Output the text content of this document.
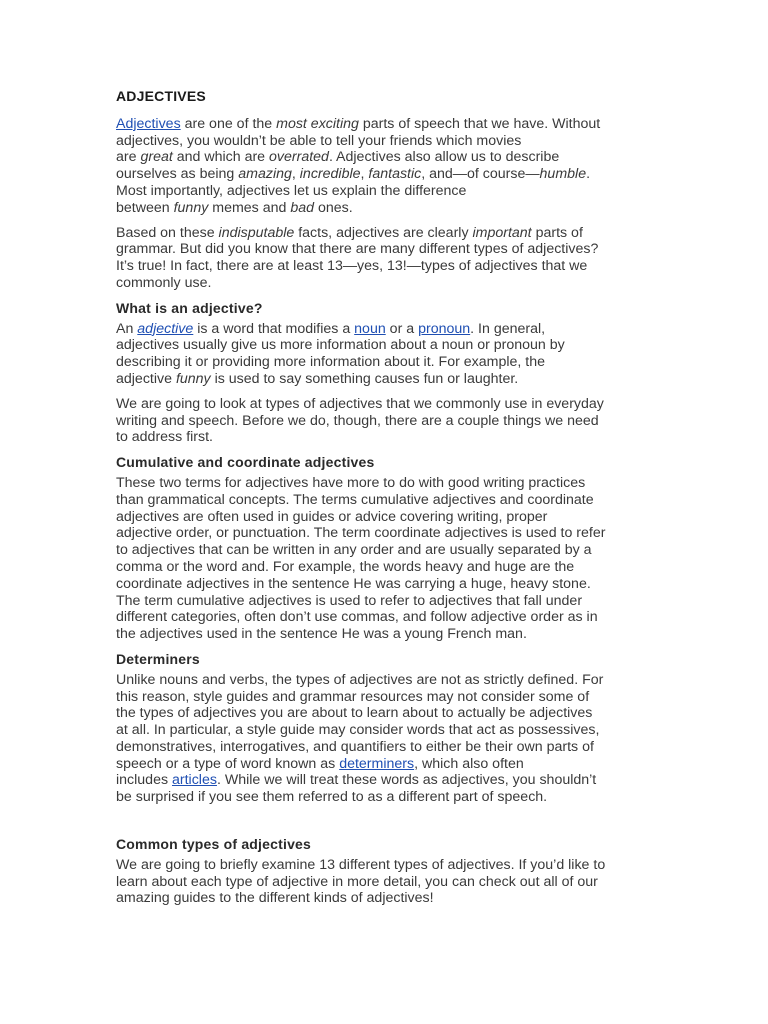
ADJECTIVES
Adjectives are one of the most exciting parts of speech that we have. Without
adjectives, you wouldn’t be able to tell your friends which movies
are great and which are overrated. Adjectives also allow us to describe
ourselves as being amazing, incredible, fantastic, and—of course—humble.
Most importantly, adjectives let us explain the difference
between funny memes and bad ones.
Based on these indisputable facts, adjectives are clearly important parts of
grammar. But did you know that there are many different types of adjectives?
It’s true! In fact, there are at least 13—yes, 13!—types of adjectives that we
commonly use.
What is an adjective?
An adjective is a word that modifies a noun or a pronoun. In general,
adjectives usually give us more information about a noun or pronoun by
describing it or providing more information about it. For example, the
adjective funny is used to say something causes fun or laughter.
We are going to look at types of adjectives that we commonly use in everyday
writing and speech. Before we do, though, there are a couple things we need
to address first.
Cumulative and coordinate adjectives
These two terms for adjectives have more to do with good writing practices
than grammatical concepts. The terms cumulative adjectives and coordinate
adjectives are often used in guides or advice covering writing, proper
adjective order, or punctuation. The term coordinate adjectives is used to refer
to adjectives that can be written in any order and are usually separated by a
comma or the word and. For example, the words heavy and huge are the
coordinate adjectives in the sentence He was carrying a huge, heavy stone.
The term cumulative adjectives is used to refer to adjectives that fall under
different categories, often don’t use commas, and follow adjective order as in
the adjectives used in the sentence He was a young French man.
Determiners
Unlike nouns and verbs, the types of adjectives are not as strictly defined. For
this reason, style guides and grammar resources may not consider some of
the types of adjectives you are about to learn about to actually be adjectives
at all. In particular, a style guide may consider words that act as possessives,
demonstratives, interrogatives, and quantifiers to either be their own parts of
speech or a type of word known as determiners, which also often
includes articles. While we will treat these words as adjectives, you shouldn’t
be surprised if you see them referred to as a different part of speech.
Common types of adjectives
We are going to briefly examine 13 different types of adjectives. If you’d like to
learn about each type of adjective in more detail, you can check out all of our
amazing guides to the different kinds of adjectives!
